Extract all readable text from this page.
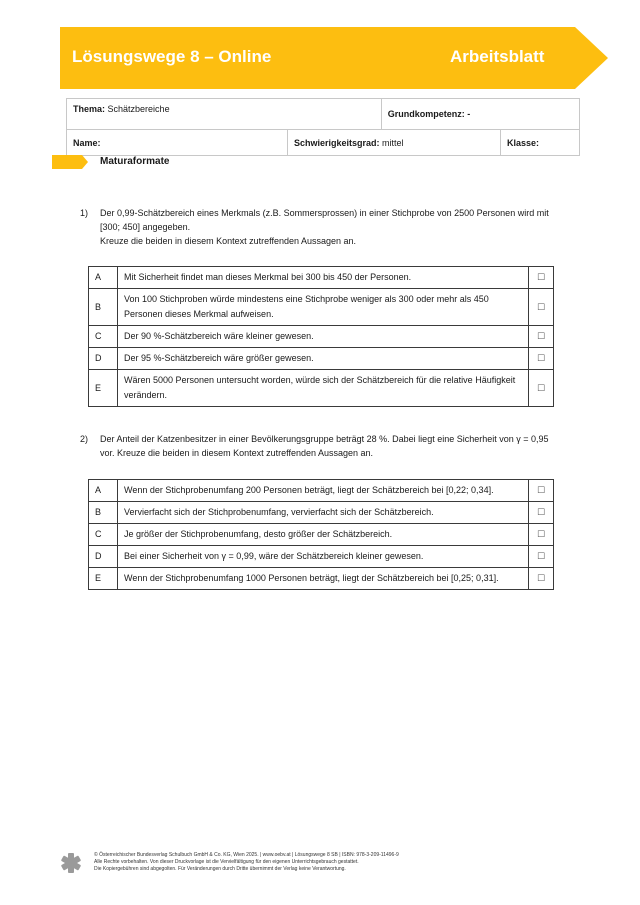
Lösungswege 8 – Online	Arbeitsblatt
Thema: Schätzbereiche		Grundkompetenz: -	
Name:	Schwierigkeitsgrad: mittel		Klasse:
Maturaformate
1)	Der 0,99-Schätzbereich eines Merkmals (z.B. Sommersprossen) in einer Stichprobe von 2500 Personen wird mit
[300; 450] angegeben.
Kreuze die beiden in diesem Kontext zutreffenden Aussagen an.
A	Mit Sicherheit findet man dieses Merkmal bei 300 bis 450 der Personen.	☐
B	Von 100 Stichproben würde mindestens eine Stichprobe weniger als 300 oder mehr als 450 Personen dieses Merkmal aufweisen.	☐
C	Der 90 %-Schätzbereich wäre kleiner gewesen.	☐
D	Der 95 %-Schätzbereich wäre größer gewesen.	☐
E	Wären 5000 Personen untersucht worden, würde sich der Schätzbereich für die relative Häufigkeit verändern.	☐
2)	Der Anteil der Katzenbesitzer in einer Bevölkerungsgruppe beträgt 28 %. Dabei liegt eine Sicherheit von γ = 0,95
vor. Kreuze die beiden in diesem Kontext zutreffenden Aussagen an.
A	Wenn der Stichprobenumfang 200 Personen beträgt, liegt der Schätzbereich bei [0,22; 0,34].	☐
B	Vervierfacht sich der Stichprobenumfang, vervierfacht sich der Schätzbereich.	☐
C	Je größer der Stichprobenumfang, desto größer der Schätzbereich.	☐
D	Bei einer Sicherheit von γ = 0,99, wäre der Schätzbereich kleiner gewesen.	☐
E	Wenn der Stichprobenumfang 1000 Personen beträgt, liegt der Schätzbereich bei [0,25; 0,31].	☐
© Österreichischer Bundesverlag Schulbuch GmbH & Co. KG, Wien 2025. | www.oebv.at | Lösungswege 8 SB | ISBN: 978-3-209-11496-9
Alle Rechte vorbehalten. Von dieser Druckvorlage ist die Vervielfältigung für den eigenen Unterrichtsgebrauch gestattet.
Die Kopiergebühren sind abgegolten. Für Veränderungen durch Dritte übernimmt der Verlag keine Verantwortung.
